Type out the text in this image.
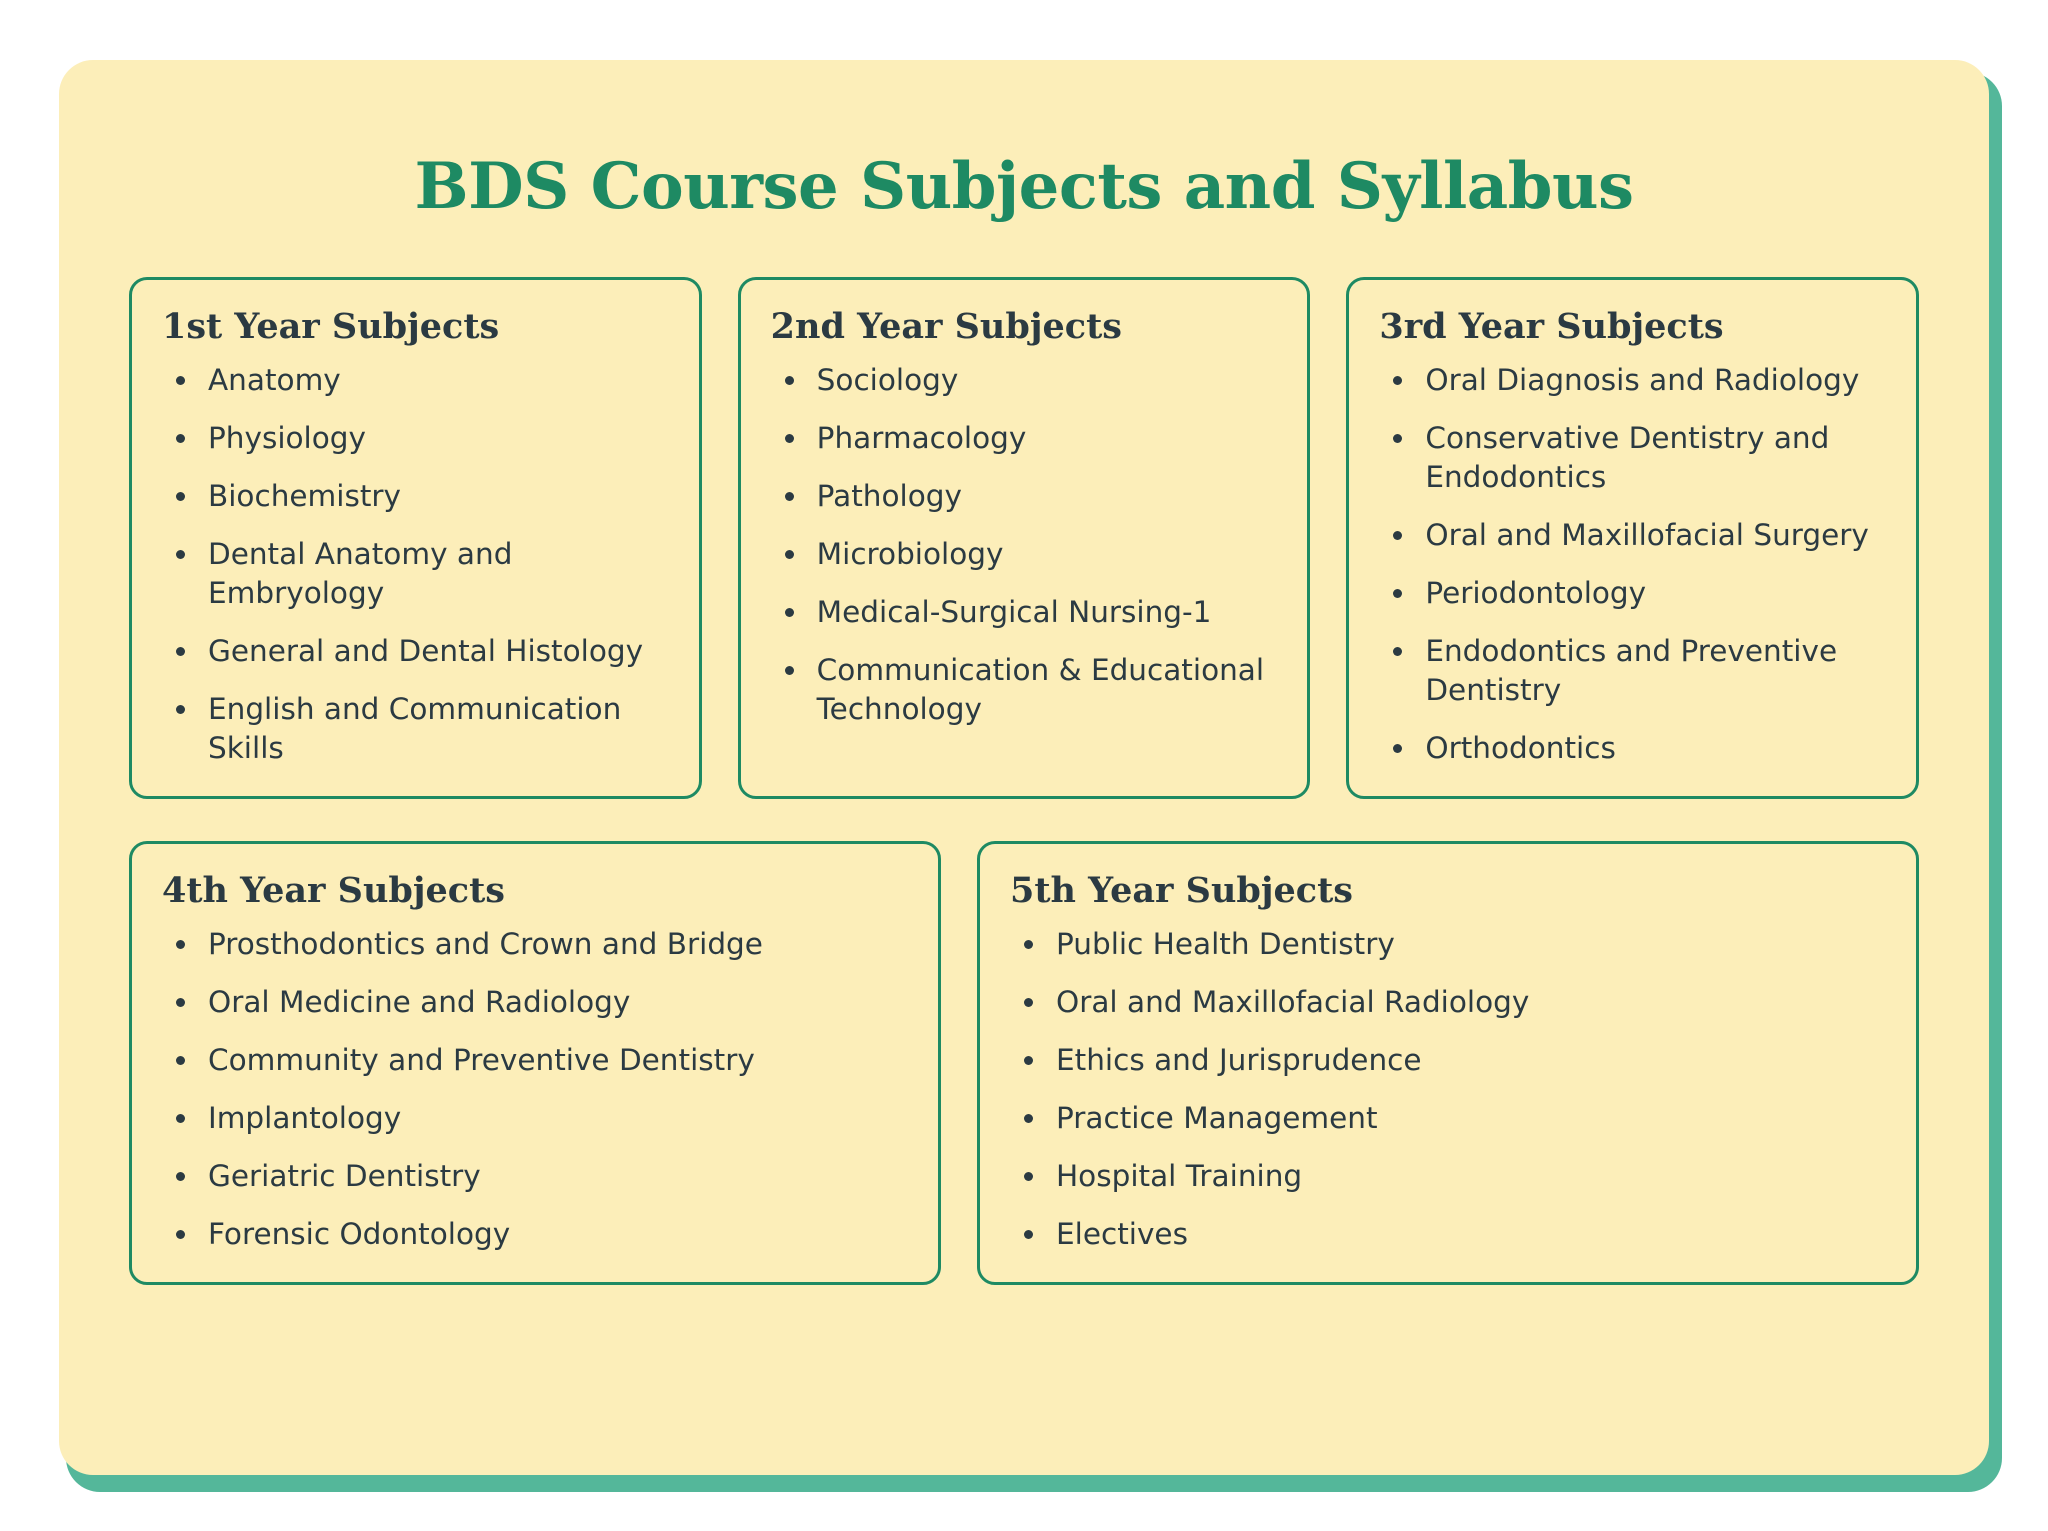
BDS Course Subjects and Syllabus
1st Year Subjects
Anatomy
Physiology
Biochemistry
Dental Anatomy and Embryology
General and Dental Histology
English and Communication Skills
2nd Year Subjects
Sociology
Pharmacology
Pathology
Microbiology
Medical-Surgical Nursing-1
Communication & Educational Technology
3rd Year Subjects
Oral Diagnosis and Radiology
Conservative Dentistry and Endodontics
Oral and Maxillofacial Surgery
Periodontology
Endodontics and Preventive Dentistry
Orthodontics
4th Year Subjects
Prosthodontics and Crown and Bridge
Oral Medicine and Radiology
Community and Preventive Dentistry
Implantology
Geriatric Dentistry
Forensic Odontology
5th Year Subjects
Public Health Dentistry
Oral and Maxillofacial Radiology
Ethics and Jurisprudence
Practice Management
Hospital Training
Electives
